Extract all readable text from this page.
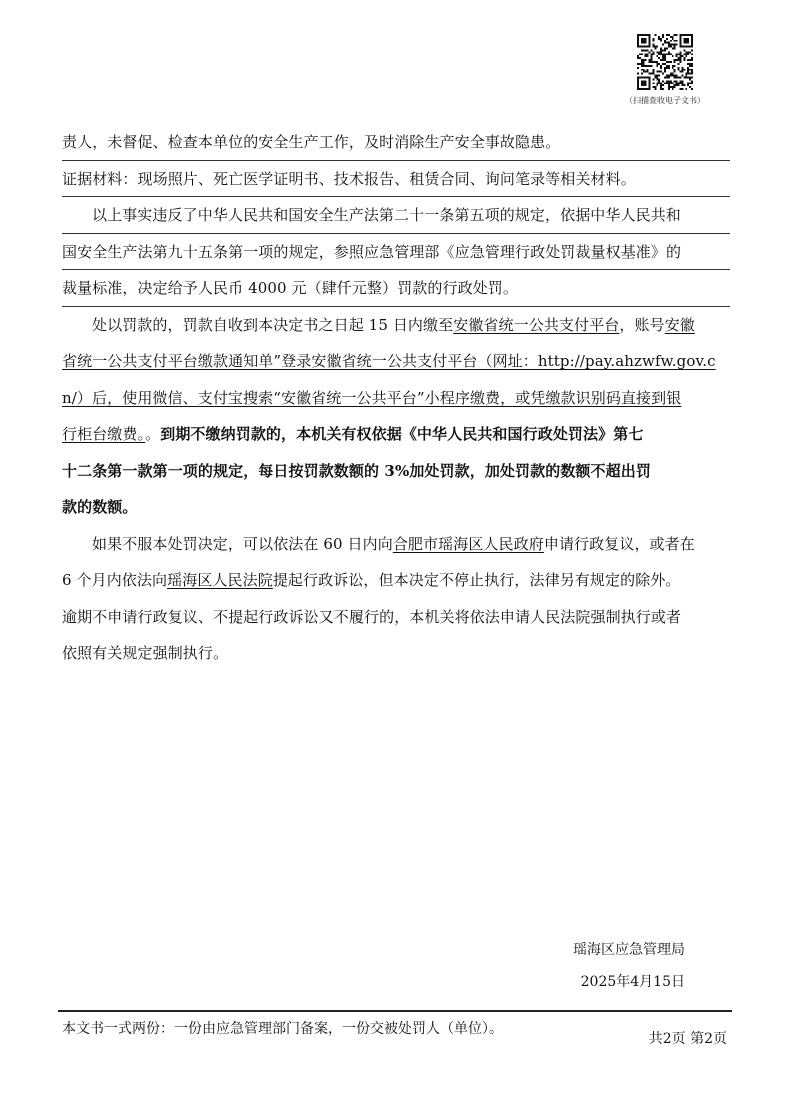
（扫描查收电子文书）
责人，未督促、检查本单位的安全生产工作，及时消除生产安全事故隐患。
证据材料：现场照片、死亡医学证明书、技术报告、租赁合同、询问笔录等相关材料。
以上事实违反了中华人民共和国安全生产法第二十一条第五项的规定，依据中华人民共和
国安全生产法第九十五条第一项的规定，参照应急管理部《应急管理行政处罚裁量权基准》的
裁量标准，决定给予人民币 4000 元（肆仟元整）罚款的行政处罚。
处以罚款的，罚款自收到本决定书之日起 15 日内缴至安徽省统一公共支付平台，账号安徽
省统一公共支付平台缴款通知单”登录安徽省统一公共支付平台（网址：http://pay.ahzwfw.gov.c
n/）后，使用微信、支付宝搜索“安徽省统一公共平台”小程序缴费，或凭缴款识别码直接到银
行柜台缴费。。到期不缴纳罚款的，本机关有权依据《中华人民共和国行政处罚法》第七
十二条第一款第一项的规定，每日按罚款数额的 3%加处罚款，加处罚款的数额不超出罚
款的数额。
如果不服本处罚决定，可以依法在 60 日内向合肥市瑶海区人民政府申请行政复议，或者在
6 个月内依法向瑶海区人民法院提起行政诉讼，但本决定不停止执行，法律另有规定的除外。
逾期不申请行政复议、不提起行政诉讼又不履行的，本机关将依法申请人民法院强制执行或者
依照有关规定强制执行。
瑶海区应急管理局
2025年4月15日
本文书一式两份：一份由应急管理部门备案，一份交被处罚人（单位）。
共2页 第2页
